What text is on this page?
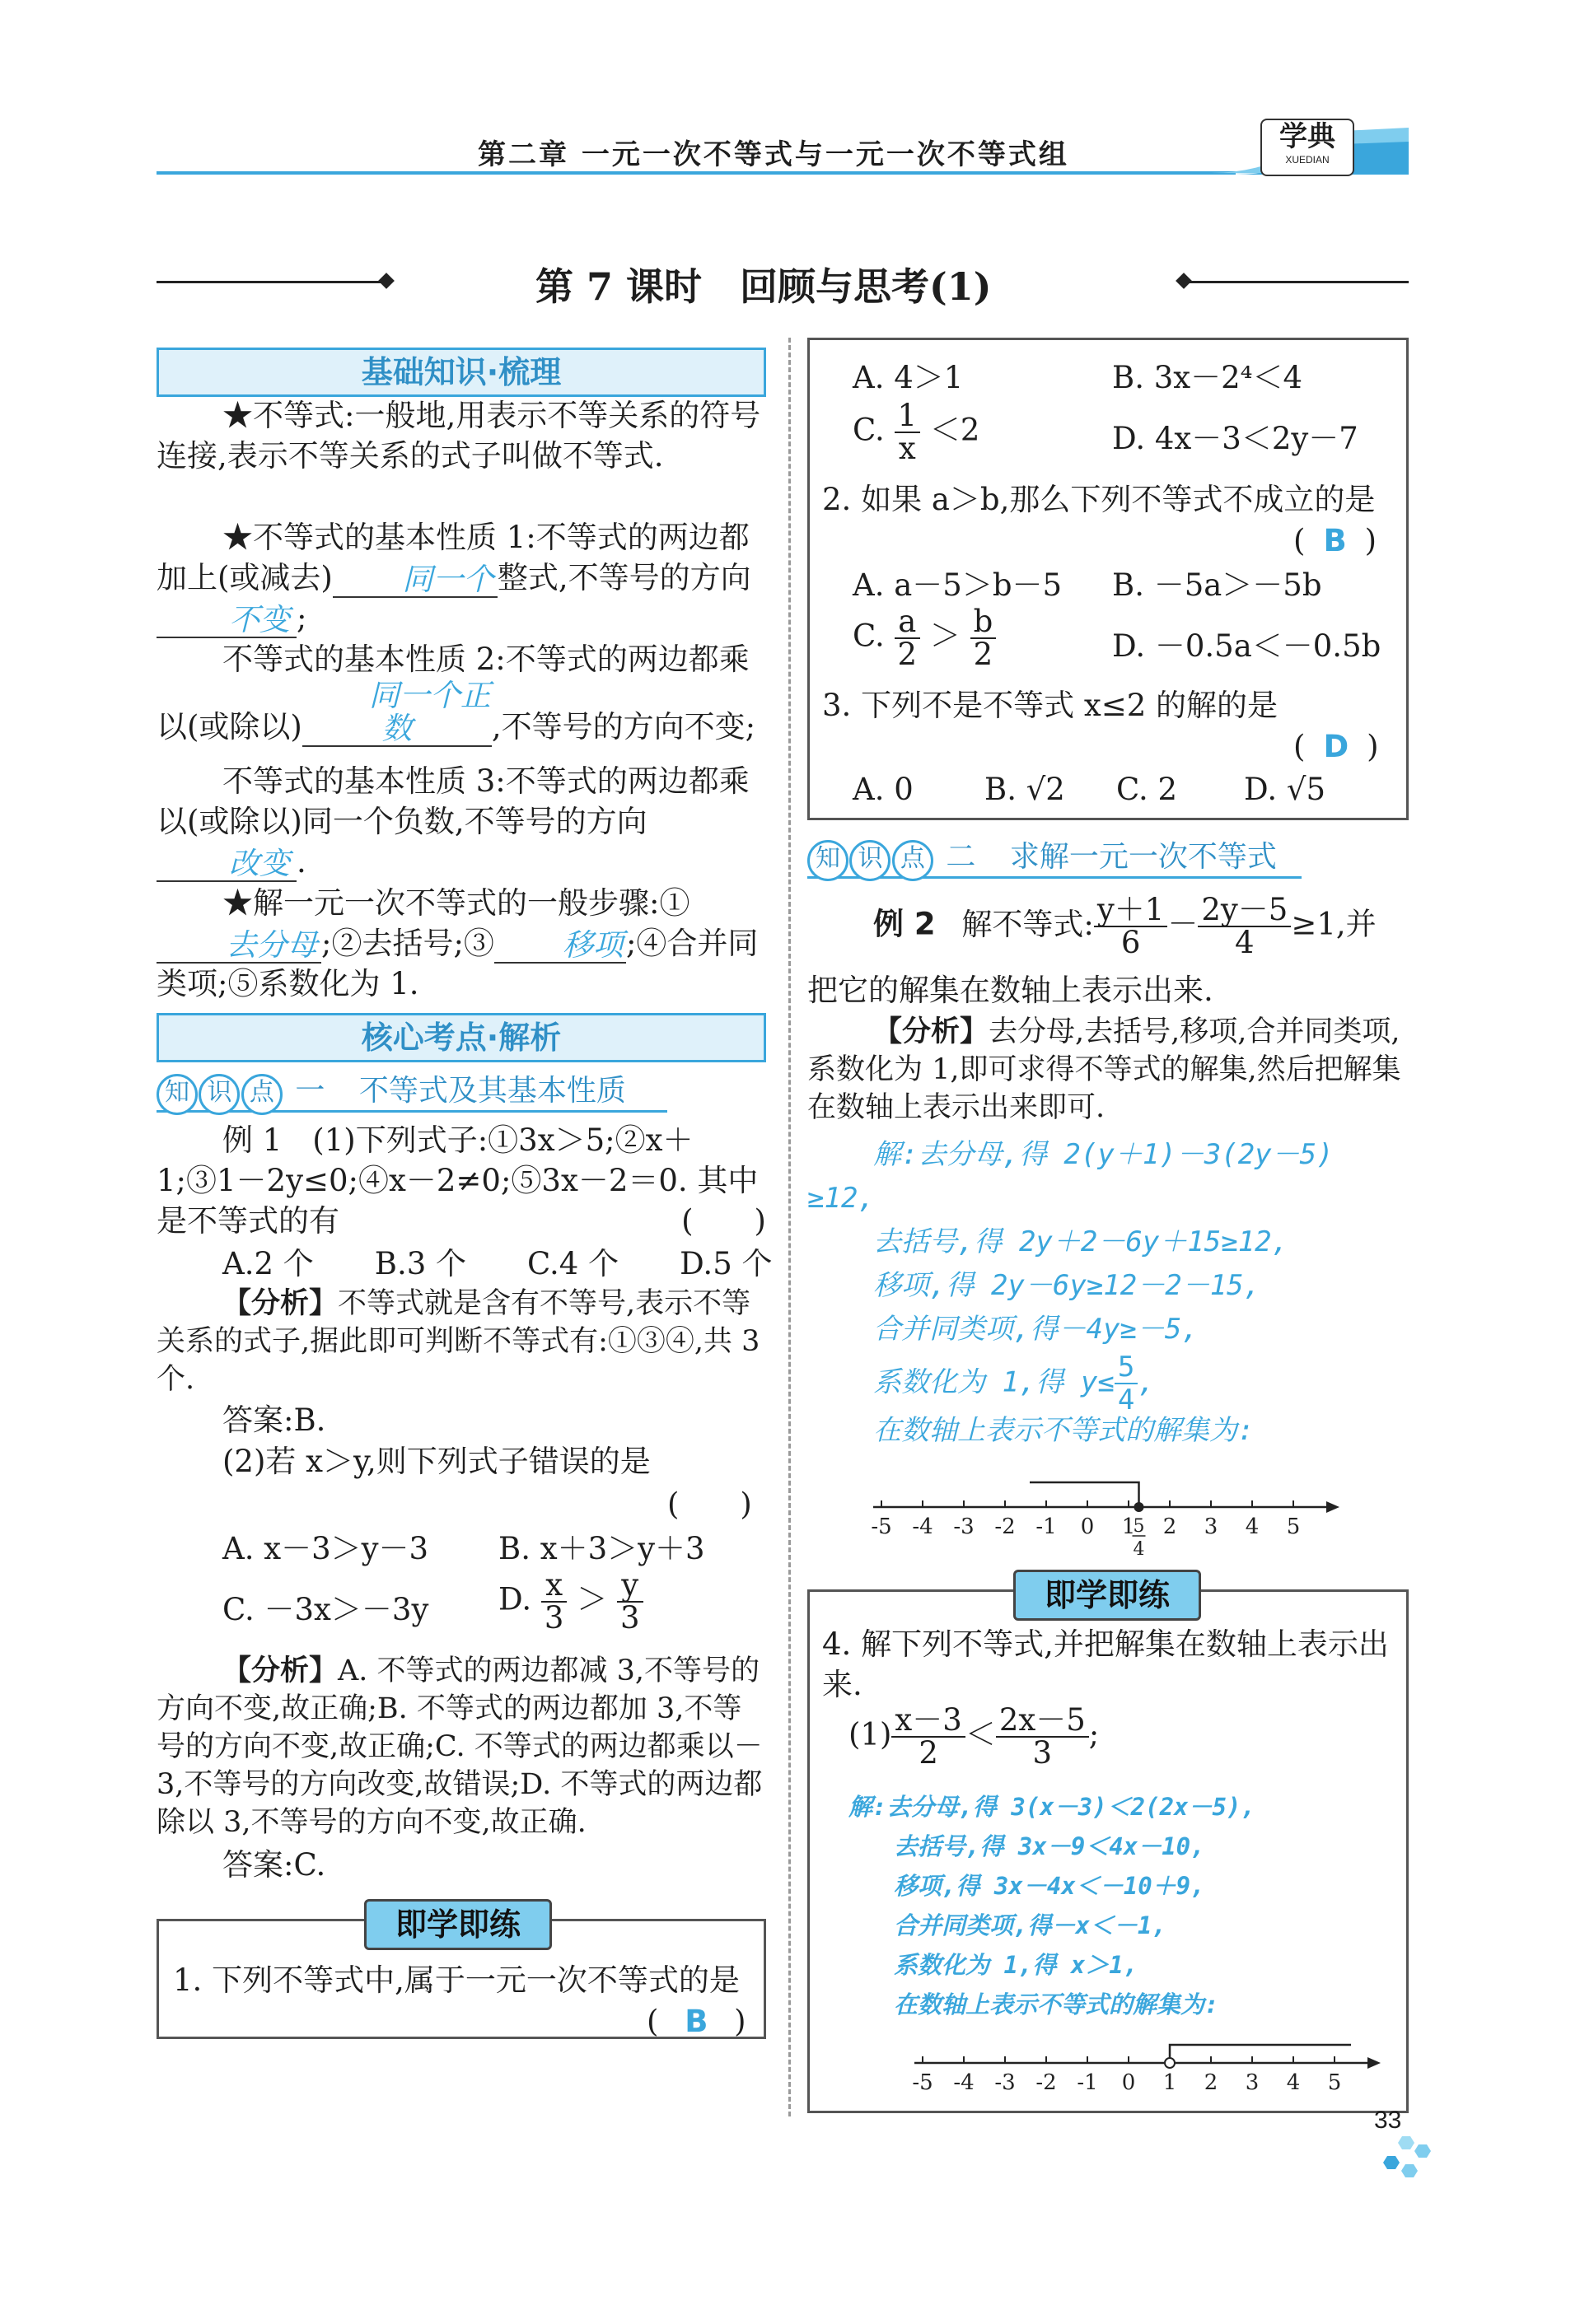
第二章 一元一次不等式与一元一次不等式组
学典
XUEDIAN
第 7 课时　回顾与思考(1)
基础知识·梳理
★不等式:一般地,用表示不等关系的符号连接,表示不等关系的式子叫做不等式.
★不等式的基本性质 1:不等式的两边都加上(或减去) 同一个 整式,不等号的方向不变 ;
不等式的基本性质 2:不等式的两边都乘以(或除以)同一个正数	,不等号的方向不变;
不等式的基本性质 3:不等式的两边都乘以(或除以)同一个负数,不等号的方向改变 .
★解一元一次不等式的一般步骤:①去分母 ;②去括号;③ 移项;④合并同类项;⑤系数化为 1.
核心考点·解析
知 识 点 一 不等式及其基本性质
例 1　(1)下列式子:①3x＞5;②x＋1;③1－2y≤0;④x－2≠0;⑤3x－2＝0. 其中是不等式的有	(　　)
A.2 个　　B.3 个　　C.4 个　　D.5 个
【分析】不等式就是含有不等号,表示不等关系的式子,据此即可判断不等式有:①③④,共 3 个.
答案:B.
(2)若 x＞y,则下列式子错误的是
(　　)
A. x－3＞y－3 B. x＋3＞y＋3
C. －3x＞－3y D. $\frac{x}{3} > \frac{y}{3}$
【分析】A. 不等式的两边都减 3,不等号的方向不变,故正确;B. 不等式的两边都加 3,不等号的方向不变,故正确;C. 不等式的两边都乘以－3,不等号的方向改变,故错误;D. 不等式的两边都除以 3,不等号的方向不变,故正确.
答案:C.
即学即练
1. 下列不等式中,属于一元一次不等式的是
( B )
A. 4＞1	B. 3x－2⁴＜4
C. $\frac{1}{x} <2$	D. 4x－3＜2y－7
2. 如果 a＞b,那么下列不等式不成立的是
( B )
A. a－5＞b－5 B. －5a＞－5b
C. $\frac{a}{2} > \frac{b}{2}$	D. －0.5a＜－0.5b
3. 下列不是不等式 x≤2 的解的是
( D )
A. 0 B. √2 C. 2 D. √5
知 识 点 二 求解一元一次不等式
例 2 解不等式: $\frac{y+1}{6} - \frac{2y-5}{4} \ge 1$,并
把它的解集在数轴上表示出来.
【分析】去分母,去括号,移项,合并同类项,系数化为 1,即可求得不等式的解集,然后把解集在数轴上表示出来即可.
解:去分母,得 2(y＋1)－3(2y－5)
≥12,
去括号,得 2y＋2－6y＋15≥12,
移项,得 2y－6y≥12－2－15,
合并同类项,得－4y≥－5,
系数化为 1,得 $y\le \frac{5}{4}$ ,
在数轴上表示不等式的解集为:
-5 -4 -3 -2 -1 0 1 2 3 4 5
5
4
即学即练
4. 解下列不等式,并把解集在数轴上表示出来.
$(1) \frac{x-3}{2} < \frac{2x-5}{3}$ ;
解:去分母,得 3(x－3)＜2(2x－5),
去括号,得 3x－9＜4x－10,
移项,得 3x－4x＜－10＋9,
合并同类项,得－x＜－1,
系数化为 1,得 x＞1,
在数轴上表示不等式的解集为:
-5 -4 -3 -2 -1 0 1 2 3 4 5
33
